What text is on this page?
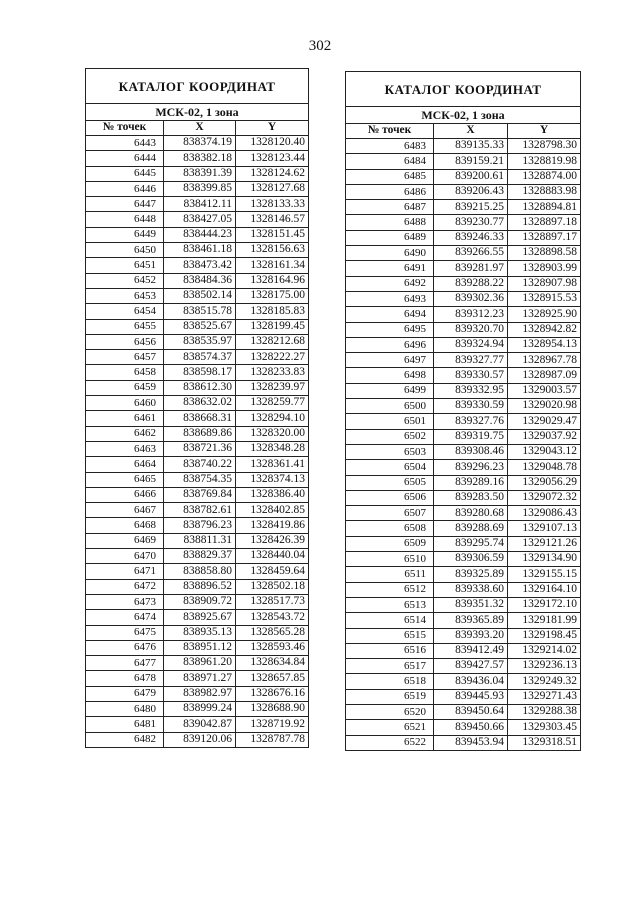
302
КАТАЛОГ КООРДИНАТ		
МСК-02, 1 зона		
№ точек	X	Y
6443	838374.19	1328120.40
6444	838382.18	1328123.44
6445	838391.39	1328124.62
6446	838399.85	1328127.68
6447	838412.11	1328133.33
6448	838427.05	1328146.57
6449	838444.23	1328151.45
6450	838461.18	1328156.63
6451	838473.42	1328161.34
6452	838484.36	1328164.96
6453	838502.14	1328175.00
6454	838515.78	1328185.83
6455	838525.67	1328199.45
6456	838535.97	1328212.68
6457	838574.37	1328222.27
6458	838598.17	1328233.83
6459	838612.30	1328239.97
6460	838632.02	1328259.77
6461	838668.31	1328294.10
6462	838689.86	1328320.00
6463	838721.36	1328348.28
6464	838740.22	1328361.41
6465	838754.35	1328374.13
6466	838769.84	1328386.40
6467	838782.61	1328402.85
6468	838796.23	1328419.86
6469	838811.31	1328426.39
6470	838829.37	1328440.04
6471	838858.80	1328459.64
6472	838896.52	1328502.18
6473	838909.72	1328517.73
6474	838925.67	1328543.72
6475	838935.13	1328565.28
6476	838951.12	1328593.46
6477	838961.20	1328634.84
6478	838971.27	1328657.85
6479	838982.97	1328676.16
6480	838999.24	1328688.90
6481	839042.87	1328719.92
6482	839120.06	1328787.78
КАТАЛОГ КООРДИНАТ		
МСК-02, 1 зона		
№ точек	X	Y
6483	839135.33	1328798.30
6484	839159.21	1328819.98
6485	839200.61	1328874.00
6486	839206.43	1328883.98
6487	839215.25	1328894.81
6488	839230.77	1328897.18
6489	839246.33	1328897.17
6490	839266.55	1328898.58
6491	839281.97	1328903.99
6492	839288.22	1328907.98
6493	839302.36	1328915.53
6494	839312.23	1328925.90
6495	839320.70	1328942.82
6496	839324.94	1328954.13
6497	839327.77	1328967.78
6498	839330.57	1328987.09
6499	839332.95	1329003.57
6500	839330.59	1329020.98
6501	839327.76	1329029.47
6502	839319.75	1329037.92
6503	839308.46	1329043.12
6504	839296.23	1329048.78
6505	839289.16	1329056.29
6506	839283.50	1329072.32
6507	839280.68	1329086.43
6508	839288.69	1329107.13
6509	839295.74	1329121.26
6510	839306.59	1329134.90
6511	839325.89	1329155.15
6512	839338.60	1329164.10
6513	839351.32	1329172.10
6514	839365.89	1329181.99
6515	839393.20	1329198.45
6516	839412.49	1329214.02
6517	839427.57	1329236.13
6518	839436.04	1329249.32
6519	839445.93	1329271.43
6520	839450.64	1329288.38
6521	839450.66	1329303.45
6522	839453.94	1329318.51
